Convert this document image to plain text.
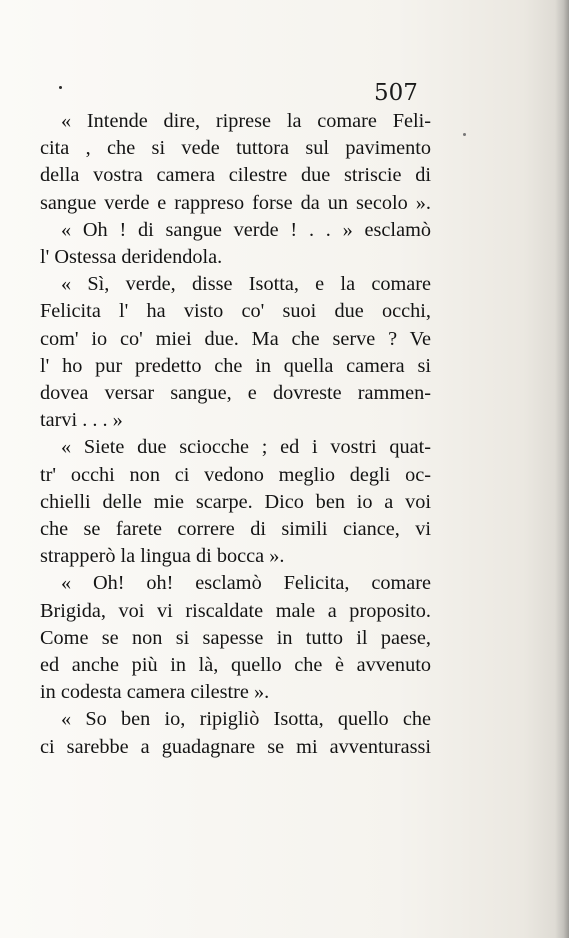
507

« Intende dire, riprese la comare Feli-
cita , che si vede tuttora sul pavimento
della vostra camera cilestre due striscie di
sangue verde e rappreso forse da un secolo ».
« Oh ! di sangue verde ! . . » esclamò
l' Ostessa deridendola.
« Sì, verde, disse Isotta, e la comare
Felicita l' ha visto co' suoi due occhi,
com' io co' miei due. Ma che serve ? Ve
l' ho pur predetto che in quella camera si
dovea versar sangue, e dovreste rammen-
tarvi . . . »
« Siete due sciocche ; ed i vostri quat-
tr' occhi non ci vedono meglio degli oc-
chielli delle mie scarpe. Dico ben io a voi
che se farete correre di simili ciance, vi
strapperò la lingua di bocca ».
« Oh! oh! esclamò Felicita, comare
Brigida, voi vi riscaldate male a proposito.
Come se non si sapesse in tutto il paese,
ed anche più in là, quello che è avvenuto
in codesta camera cilestre ».
« So ben io, ripigliò Isotta, quello che
ci sarebbe a guadagnare se mi avventurassi
